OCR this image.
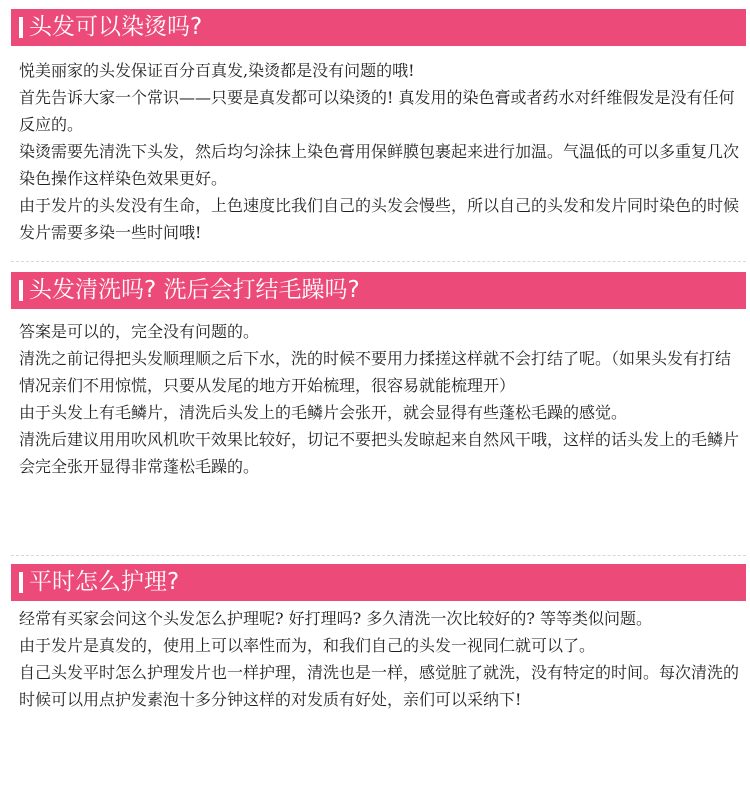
头发可以染烫吗?

悦美丽家的头发保证百分百真发,染烫都是没有问题的哦!

首先告诉大家一个常识——只要是真发都可以染烫的! 真发用的染色膏或者药水对纤维假发是没有任何反应的。

染烫需要先清洗下头发，然后均匀涂抹上染色膏用保鲜膜包裹起来进行加温。气温低的可以多重复几次染色操作这样染色效果更好。

由于发片的头发没有生命，上色速度比我们自己的头发会慢些，所以自己的头发和发片同时染色的时候发片需要多染一些时间哦!

头发清洗吗? 洗后会打结毛躁吗?

答案是可以的，完全没有问题的。

清洗之前记得把头发顺理顺之后下水，洗的时候不要用力揉搓这样就不会打结了呢。（如果头发有打结情况亲们不用惊慌，只要从发尾的地方开始梳理，很容易就能梳理开）

由于头发上有毛鳞片，清洗后头发上的毛鳞片会张开，就会显得有些蓬松毛躁的感觉。

清洗后建议用用吹风机吹干效果比较好，切记不要把头发晾起来自然风干哦，这样的话头发上的毛鳞片会完全张开显得非常蓬松毛躁的。

平时怎么护理?

经常有买家会问这个头发怎么护理呢? 好打理吗? 多久清洗一次比较好的? 等等类似问题。

由于发片是真发的，使用上可以率性而为，和我们自己的头发一视同仁就可以了。

自己头发平时怎么护理发片也一样护理，清洗也是一样，感觉脏了就洗，没有特定的时间。每次清洗的时候可以用点护发素泡十多分钟这样的对发质有好处，亲们可以采纳下!
